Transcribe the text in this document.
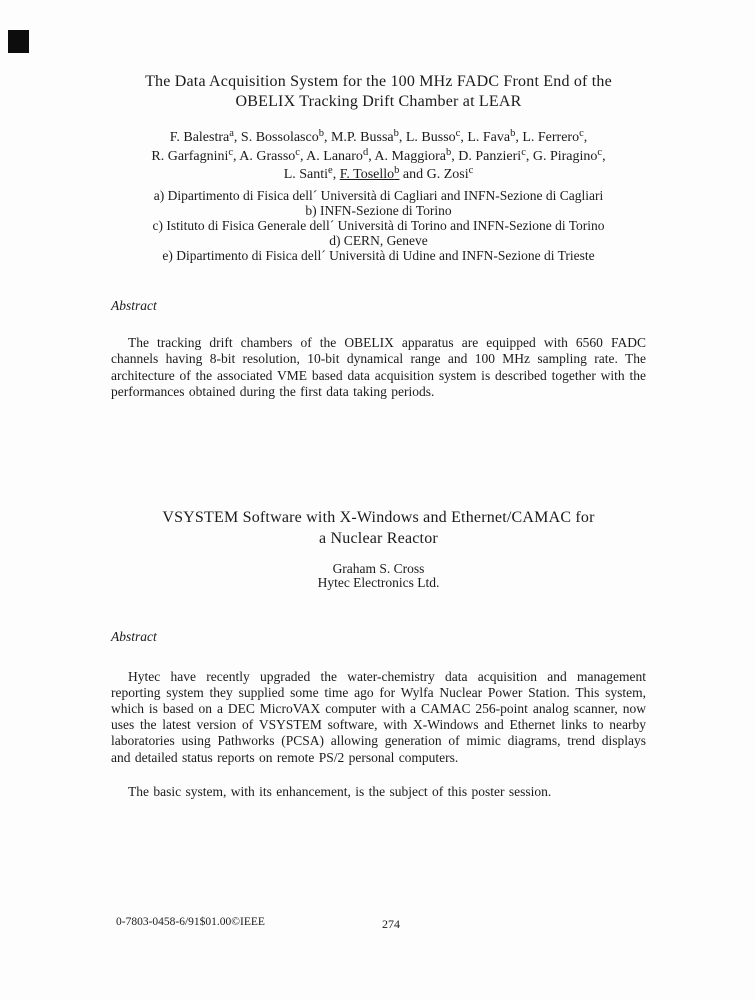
The Data Acquisition System for the 100 MHz FADC Front End of the
OBELIX Tracking Drift Chamber at LEAR
F. Balestra$^a$, S. Bossolasco$^b$, M.P. Bussa$^b$, L. Busso$^c$, L. Fava$^b$, L. Ferrero$^c$,
R. Garfagnini$^c$, A. Grasso$^c$, A. Lanaro$^d$, A. Maggiora$^b$, D. Panzieri$^c$, G. Piragino$^c$,
L. Santi$^e$, F. Tosello$^b$ and G. Zosi$^c$
a) Dipartimento di Fisica dell´ Università di Cagliari and INFN-Sezione di Cagliari
b) INFN-Sezione di Torino
c) Istituto di Fisica Generale dell´ Università di Torino and INFN-Sezione di Torino
d) CERN, Geneve
e) Dipartimento di Fisica dell´ Università di Udine and INFN-Sezione di Trieste
Abstract

The tracking drift chambers of the OBELIX apparatus are equipped with 6560 FADC channels having 8-bit resolution, 10-bit dynamical range and 100 MHz sampling rate. The architecture of the associated VME based data acquisition system is described together with the performances obtained during the first data taking periods.

VSYSTEM Software with X-Windows and Ethernet/CAMAC for
a Nuclear Reactor
Graham S. Cross
Hytec Electronics Ltd.
Abstract

Hytec have recently upgraded the water-chemistry data acquisition and management reporting system they supplied some time ago for Wylfa Nuclear Power Station. This system, which is based on a DEC MicroVAX computer with a CAMAC 256-point analog scanner, now uses the latest version of VSYSTEM software, with X-Windows and Ethernet links to nearby laboratories using Pathworks (PCSA) allowing generation of mimic diagrams, trend displays and detailed status reports on remote PS/2 personal computers.

The basic system, with its enhancement, is the subject of this poster session.

0-7803-0458-6/91$01.00©IEEE	274
